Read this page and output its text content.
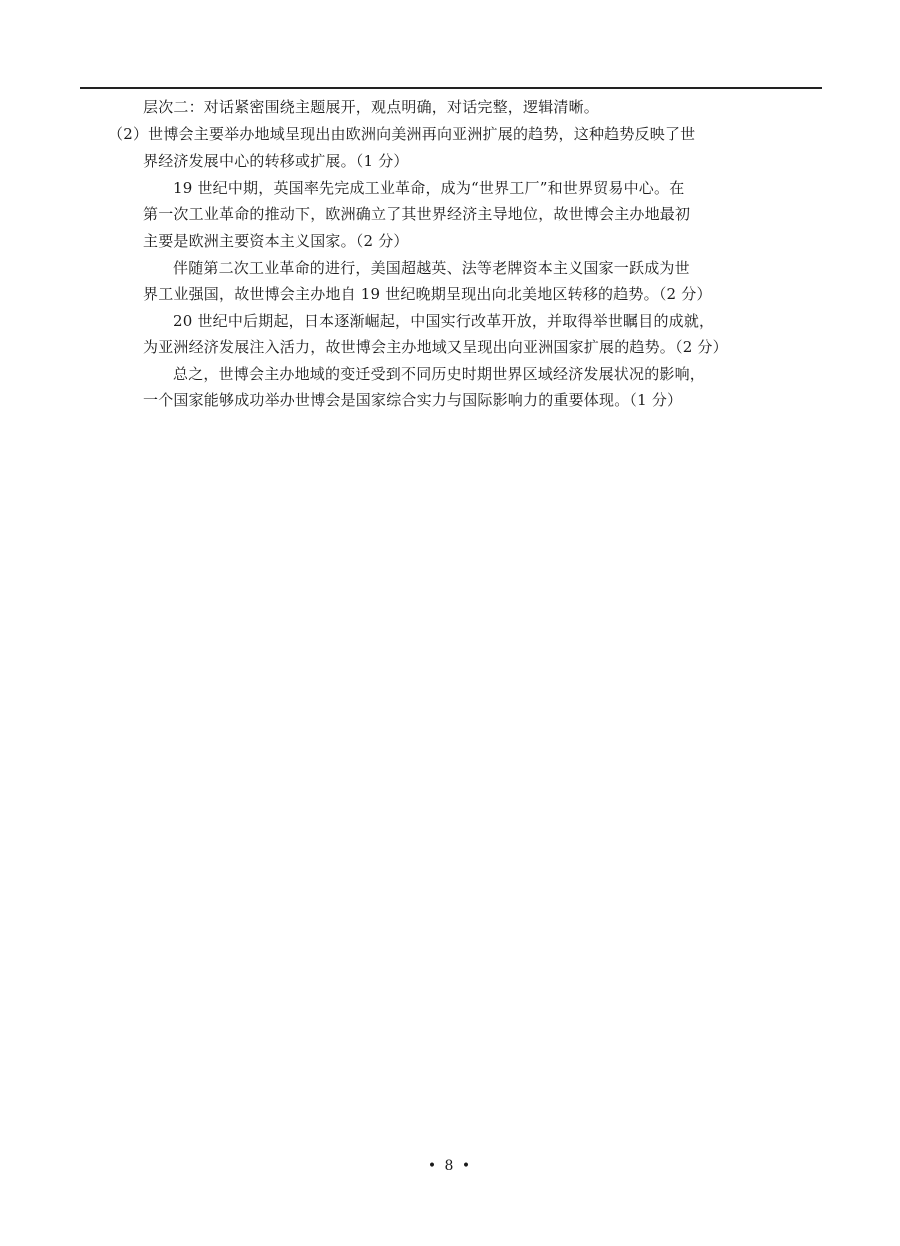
层次二：对话紧密围绕主题展开，观点明确，对话完整，逻辑清晰。
（2）世博会主要举办地域呈现出由欧洲向美洲再向亚洲扩展的趋势，这种趋势反映了世
界经济发展中心的转移或扩展。（1 分）
19 世纪中期，英国率先完成工业革命，成为“世界工厂”和世界贸易中心。在
第一次工业革命的推动下，欧洲确立了其世界经济主导地位，故世博会主办地最初
主要是欧洲主要资本主义国家。（2 分）
伴随第二次工业革命的进行，美国超越英、法等老牌资本主义国家一跃成为世
界工业强国，故世博会主办地自 19 世纪晚期呈现出向北美地区转移的趋势。（2 分）
20 世纪中后期起，日本逐渐崛起，中国实行改革开放，并取得举世瞩目的成就，
为亚洲经济发展注入活力，故世博会主办地域又呈现出向亚洲国家扩展的趋势。（2 分）
总之，世博会主办地域的变迁受到不同历史时期世界区域经济发展状况的影响，
一个国家能够成功举办世博会是国家综合实力与国际影响力的重要体现。（1 分）
• 8 •
